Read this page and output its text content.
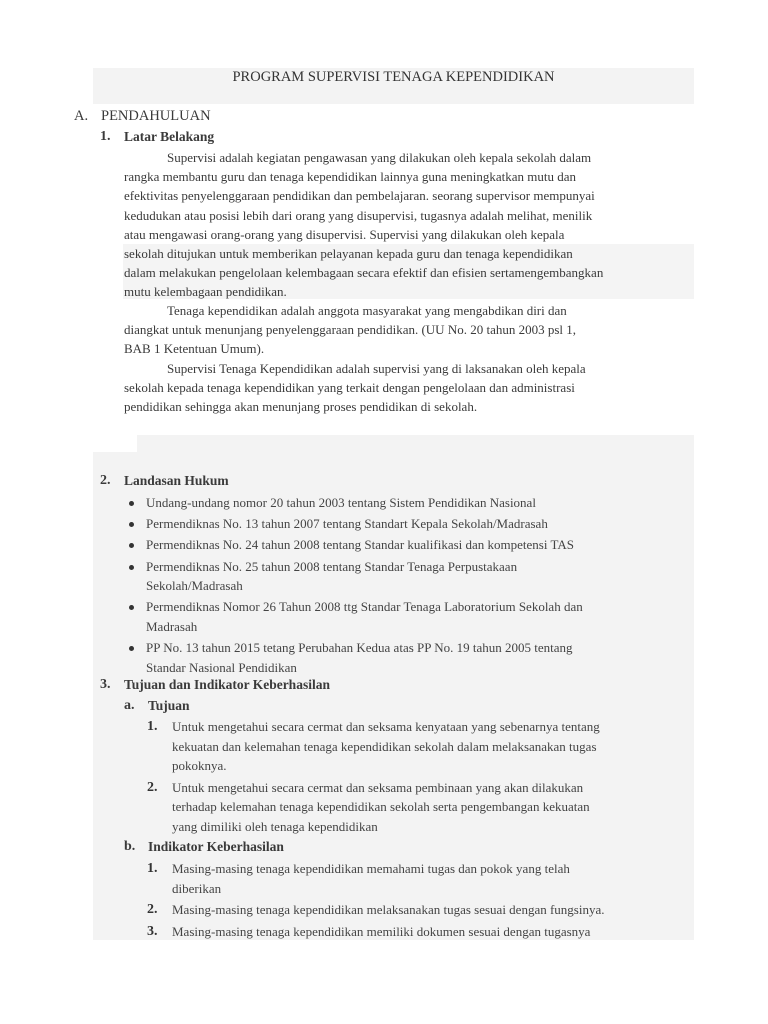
PROGRAM SUPERVISI TENAGA KEPENDIDIKAN
A. PENDAHULUAN
1. Latar Belakang
Supervisi adalah kegiatan pengawasan yang dilakukan oleh kepala sekolah dalam
rangka membantu guru dan tenaga kependidikan lainnya guna meningkatkan mutu dan
efektivitas penyelenggaraan pendidikan dan pembelajaran. seorang supervisor mempunyai
kedudukan atau posisi lebih dari orang yang disupervisi, tugasnya adalah melihat, menilik
atau mengawasi orang-orang yang disupervisi. Supervisi yang dilakukan oleh kepala
sekolah ditujukan untuk memberikan pelayanan kepada guru dan tenaga kependidikan
dalam melakukan pengelolaan kelembagaan secara efektif dan efisien sertamengembangkan
mutu kelembagaan pendidikan.
Tenaga kependidikan adalah anggota masyarakat yang mengabdikan diri dan
diangkat untuk menunjang penyelenggaraan pendidikan. (UU No. 20 tahun 2003 psl 1,
BAB 1 Ketentuan Umum).
Supervisi Tenaga Kependidikan adalah supervisi yang di laksanakan oleh kepala
sekolah kepada tenaga kependidikan yang terkait dengan pengelolaan dan administrasi
pendidikan sehingga akan menunjang proses pendidikan di sekolah.
2. Landasan Hukum
Undang-undang nomor 20 tahun 2003 tentang Sistem Pendidikan Nasional
Permendiknas No. 13 tahun 2007 tentang Standart Kepala Sekolah/Madrasah
Permendiknas No. 24 tahun 2008 tentang Standar kualifikasi dan kompetensi TAS
Permendiknas No. 25 tahun 2008 tentang Standar Tenaga Perpustakaan
Sekolah/Madrasah
Permendiknas Nomor 26 Tahun 2008 ttg Standar Tenaga Laboratorium Sekolah dan
Madrasah
PP No. 13 tahun 2015 tetang Perubahan Kedua atas PP No. 19 tahun 2005 tentang
Standar Nasional Pendidikan
3. Tujuan dan Indikator Keberhasilan
a. Tujuan
1. Untuk mengetahui secara cermat dan seksama kenyataan yang sebenarnya tentang
kekuatan dan kelemahan tenaga kependidikan sekolah dalam melaksanakan tugas
pokoknya.
2. Untuk mengetahui secara cermat dan seksama pembinaan yang akan dilakukan
terhadap kelemahan tenaga kependidikan sekolah serta pengembangan kekuatan
yang dimiliki oleh tenaga kependidikan
b. Indikator Keberhasilan
1. Masing-masing tenaga kependidikan memahami tugas dan pokok yang telah
diberikan
2. Masing-masing tenaga kependidikan melaksanakan tugas sesuai dengan fungsinya.
3. Masing-masing tenaga kependidikan memiliki dokumen sesuai dengan tugasnya
